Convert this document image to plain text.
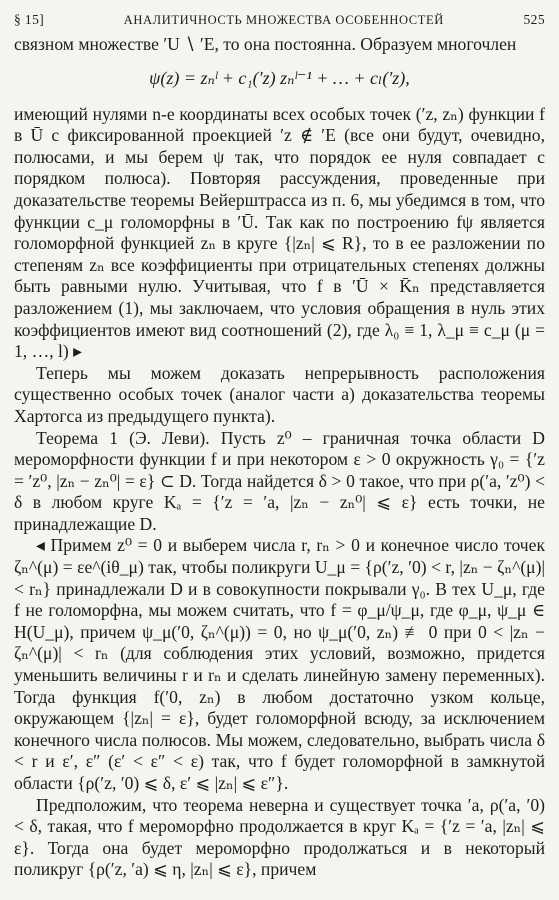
§ 15]	АНАЛИТИЧНОСТЬ МНОЖЕСТВА ОСОБЕННОСТЕЙ	525

связном множестве ′U ∖ ′E, то она постоянна. Образуем многочлен

ψ(z) = zₙˡ + c₁(′z) zₙˡ⁻¹ + … + cₗ(′z),

имеющий нулями n-е координаты всех особых точек (′z, zₙ) функции f в Ū с фиксированной проекцией ′z ∉ ′E (все они будут, очевидно, полюсами, и мы берем ψ так, что порядок ее нуля совпадает с порядком полюса). Повторяя рассуждения, проведенные при доказательстве теоремы Вейерштрасса из п. 6, мы убедимся в том, что функции c_μ голоморфны в ′Ū. Так как по построению fψ является голоморфной функцией zₙ в круге {|zₙ| ⩽ R}, то в ее разложении по степеням zₙ все коэффициенты при отрицательных степенях должны быть равными нулю. Учитывая, что f в ′Ū × K̄ₙ представляется разложением (1), мы заключаем, что условия обращения в нуль этих коэффициентов имеют вид соотношений (2), где λ₀ ≡ 1, λ_μ ≡ c_μ (μ = 1, …, l) ▸

Теперь мы можем доказать непрерывность расположения существенно особых точек (аналог части а) доказательства теоремы Хартогса из предыдущего пункта).

Теорема 1 (Э. Леви). Пусть z⁰ – граничная точка области D мероморфности функции f и при некотором ε > 0 окружность γ₀ = {′z = ′z⁰, |zₙ − zₙ⁰| = ε} ⊂ D. Тогда найдется δ > 0 такое, что при ρ(′a, ′z⁰) < δ в любом круге Kₐ = {′z = ′a, |zₙ − zₙ⁰| ⩽ ε} есть точки, не принадлежащие D.

◂ Примем z⁰ = 0 и выберем числа r, rₙ > 0 и конечное число точек ζₙ^(μ) = εe^(iθ_μ) так, чтобы поликруги U_μ = {ρ(′z, ′0) < r, |zₙ − ζₙ^(μ)| < rₙ} принадлежали D и в совокупности покрывали γ₀. В тех U_μ, где f не голоморфна, мы можем считать, что f = φ_μ/ψ_μ, где φ_μ, ψ_μ ∈ H(U_μ), причем ψ_μ(′0, ζₙ^(μ)) = 0, но ψ_μ(′0, zₙ) ≢ 0 при 0 < |zₙ − ζₙ^(μ)| < rₙ (для соблюдения этих условий, возможно, придется уменьшить величины r и rₙ и сделать линейную замену переменных). Тогда функция f(′0, zₙ) в любом достаточно узком кольце, окружающем {|zₙ| = ε}, будет голоморфной всюду, за исключением конечного числа полюсов. Мы можем, следовательно, выбрать числа δ < r и ε′, ε″ (ε′ < ε″ < ε) так, что f будет голоморфной в замкнутой области {ρ(′z, ′0) ⩽ δ, ε′ ⩽ |zₙ| ⩽ ε″}.

Предположим, что теорема неверна и существует точка ′a, ρ(′a, ′0) < δ, такая, что f мероморфно продолжается в круг Kₐ = {′z = ′a, |zₙ| ⩽ ε}. Тогда она будет мероморфно продолжаться и в некоторый поликруг {ρ(′z, ′a) ⩽ η, |zₙ| ⩽ ε}, причем
